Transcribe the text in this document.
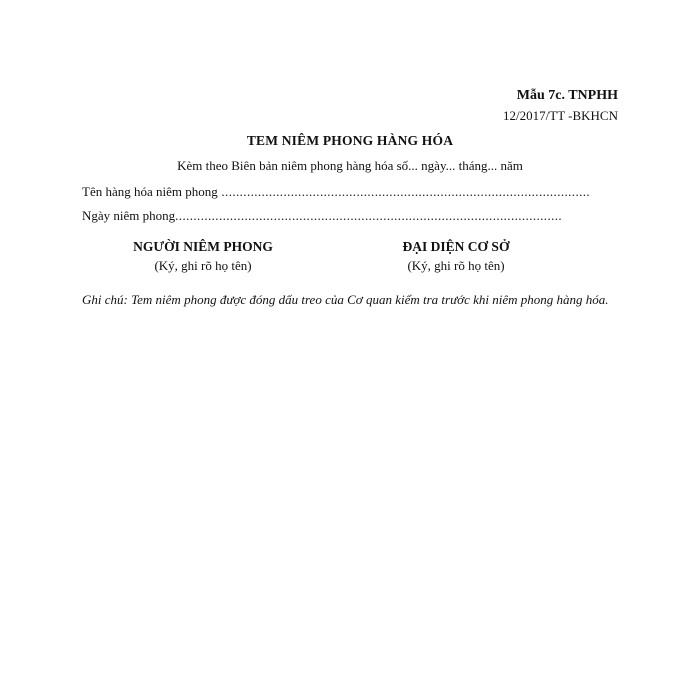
Mẫu 7c. TNPHH
12/2017/TT -BKHCN
TEM NIÊM PHONG HÀNG HÓA
Kèm theo Biên bản niêm phong hàng hóa số... ngày... tháng... năm
Tên hàng hóa niêm phong .....................................................................................................
Ngày niêm phong..........................................................................................................
NGƯỜI NIÊM PHONG
(Ký, ghi rõ họ tên)
ĐẠI DIỆN CƠ SỞ
(Ký, ghi rõ họ tên)
Ghi chú: Tem niêm phong được đóng dấu treo của Cơ quan kiểm tra trước khi niêm phong hàng hóa.
